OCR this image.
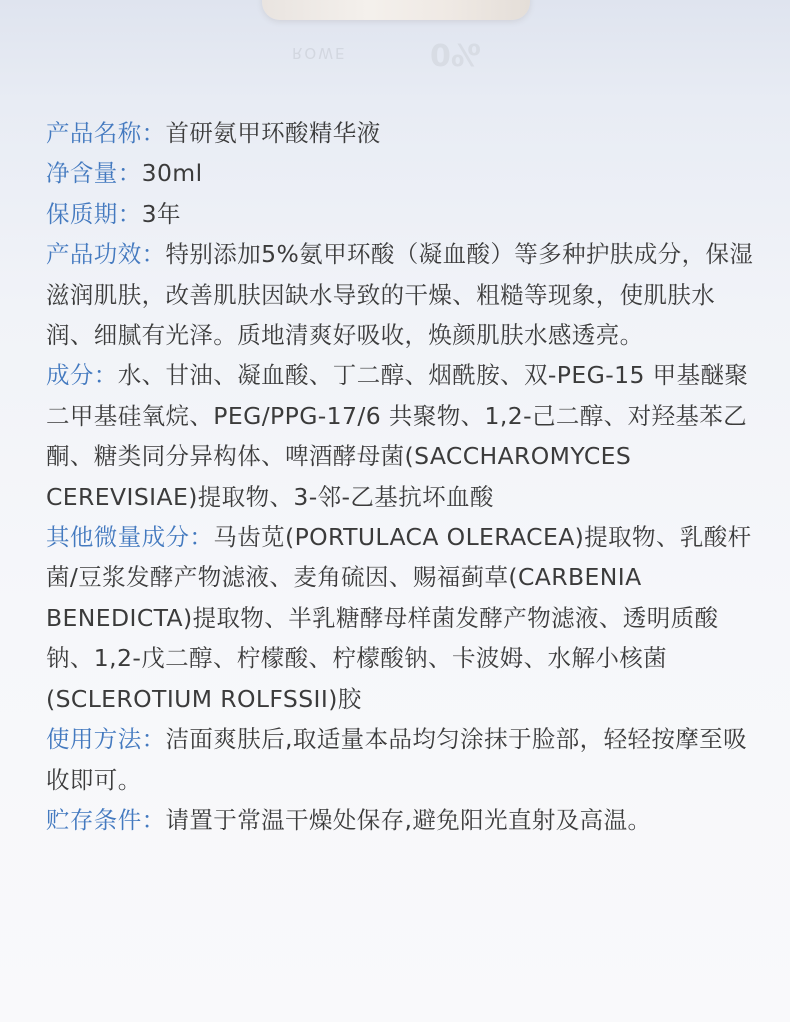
ROWE	0%

产品名称：首研氨甲环酸精华液

净含量：30ml

保质期：3年

产品功效：特别添加5%氨甲环酸（凝血酸）等多种护肤成分，保湿滋润肌肤，改善肌肤因缺水导致的干燥、粗糙等现象，使肌肤水润、细腻有光泽。质地清爽好吸收，焕颜肌肤水感透亮。

成分：水、甘油、凝血酸、丁二醇、烟酰胺、双-PEG-15 甲基醚聚二甲基硅氧烷、PEG/PPG-17/6 共聚物、1,2-己二醇、对羟基苯乙酮、糖类同分异构体、啤酒酵母菌(SACCHAROMYCES CEREVISIAE)提取物、3-邻-乙基抗坏血酸

其他微量成分：马齿苋(PORTULACA OLERACEA)提取物、乳酸杆菌/豆浆发酵产物滤液、麦角硫因、赐福蓟草(CARBENIA BENEDICTA)提取物、半乳糖酵母样菌发酵产物滤液、透明质酸钠、1,2-戊二醇、柠檬酸、柠檬酸钠、卡波姆、水解小核菌(SCLEROTIUM ROLFSSII)胶

使用方法：洁面爽肤后,取适量本品均匀涂抹于脸部，轻轻按摩至吸收即可。

贮存条件：请置于常温干燥处保存,避免阳光直射及高温。
